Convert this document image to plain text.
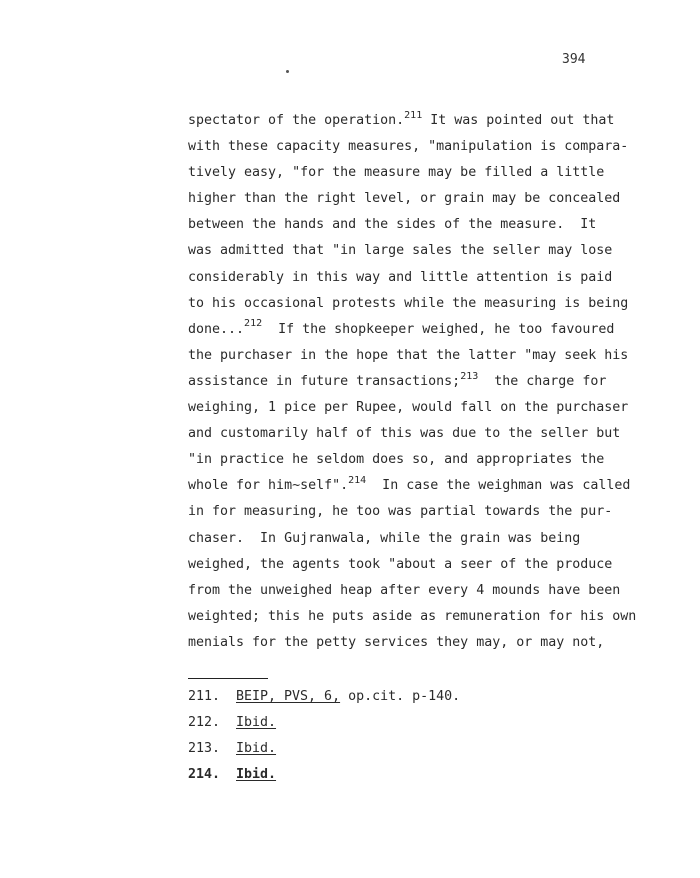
394
spectator of the operation.$^{211}$ It was pointed out that
with these capacity measures, "manipulation is compara-
tively easy, "for the measure may be filled a little
higher than the right level, or grain may be concealed
between the hands and the sides of the measure.  It
was admitted that "in large sales the seller may lose
considerably in this way and little attention is paid
to his occasional protests while the measuring is being
done...$^{212}$  If the shopkeeper weighed, he too favoured
the purchaser in the hope that the latter "may seek his
assistance in future transactions;$^{213}$  the charge for
weighing, 1 pice per Rupee, would fall on the purchaser
and customarily half of this was due to the seller but
"in practice he seldom does so, and appropriates the
whole for him~self".$^{214}$  In case the weighman was called
in for measuring, he too was partial towards the pur-
chaser.  In Gujranwala, while the grain was being
weighed, the agents took "about a seer of the produce
from the unweighed heap after every 4 mounds have been
weighted; this he puts aside as remuneration for his own
menials for the petty services they may, or may not,
211. BEIP, PVS, 6, op.cit. p-140.
212. Ibid.
213. Ibid.
214. Ibid.
